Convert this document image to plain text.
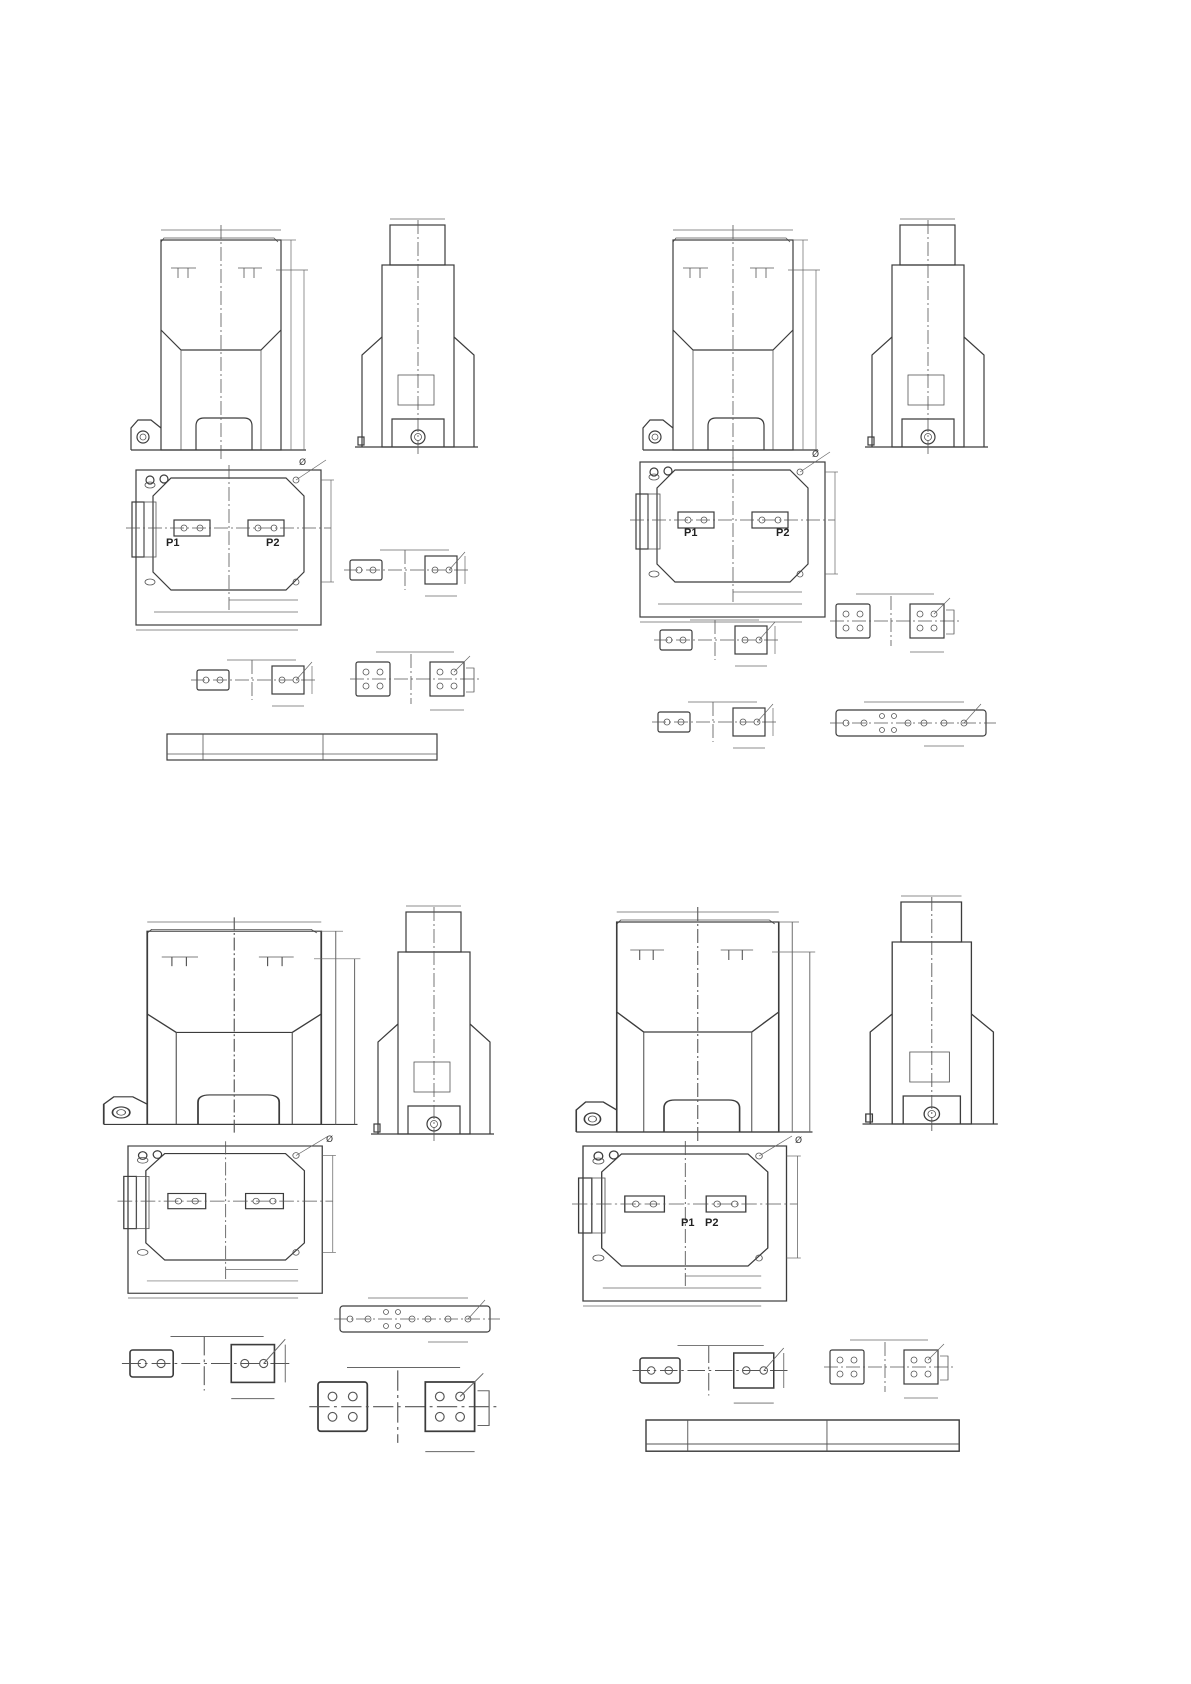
P1	P2
Ø
P1	P2
Ø
Ø
P1 P2
Ø
